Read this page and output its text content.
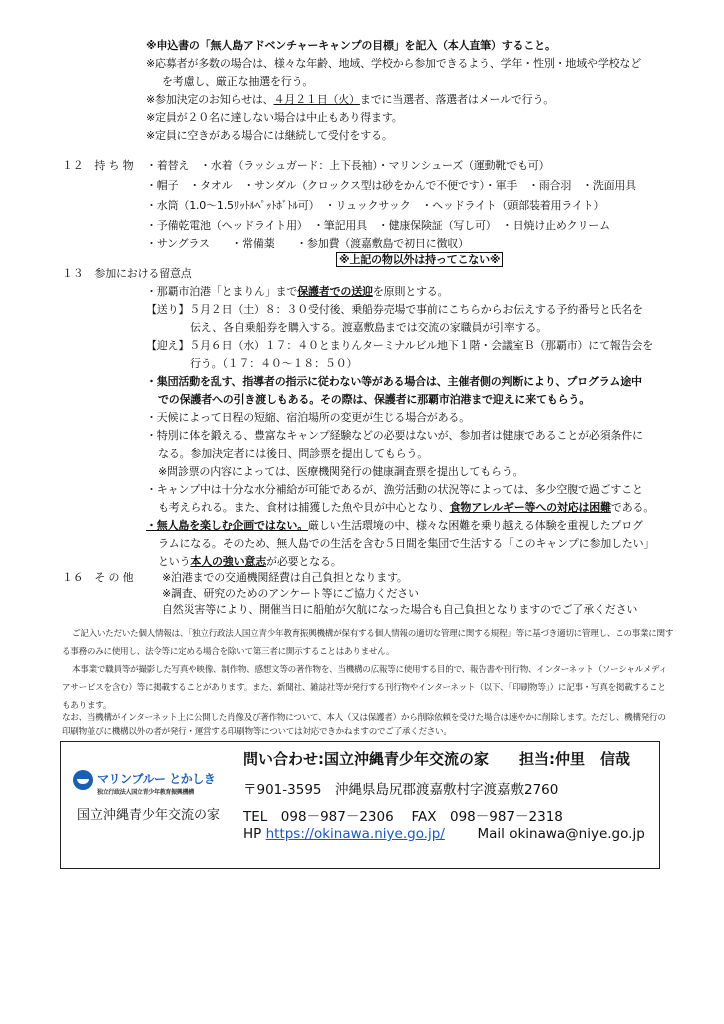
※申込書の「無人島アドベンチャーキャンプの目標」を記入（本人直筆）すること。
※応募者が多数の場合は、様々な年齢、地域、学校から参加できるよう、学年・性別・地域や学校など
を考慮し、厳正な抽選を行う。
※参加決定のお知らせは、４月２１日（火）までに当選者、落選者はメールで行う。
※定員が２０名に達しない場合は中止もあり得ます。
※定員に空きがある場合には継続して受付をする。
１２　持 ち 物 ・着替え　・水着（ラッシュガード：上下長袖）・マリンシューズ（運動靴でも可）
・帽子　・タオル　・サンダル（クロックス型は砂をかんで不便です）・軍手　・雨合羽　・洗面用具
・水筒（1.0〜1.5ﾘｯﾄﾙﾍﾟｯﾄﾎﾞﾄﾙ可）　・リュックサック　・ヘッドライト（頭部装着用ライト）
・予備乾電池（ヘッドライト用）　・筆記用具　・健康保険証（写し可）　・日焼け止めクリーム
・サングラス　　・常備薬　　・参加費（渡嘉敷島で初日に徴収）
※上記の物以外は持ってこない※
１３　参加における留意点
・那覇市泊港「とまりん」まで保護者での送迎を原則とする。
【送り】５月２日（土）８：３０受付後、乗船券売場で事前にこちらからお伝えする予約番号と氏名を
伝え、各自乗船券を購入する。渡嘉敷島までは交流の家職員が引率する。
【迎え】５月６日（水）１７：４０とまりんターミナルビル地下１階・会議室Ｂ（那覇市）にて報告会を
行う。（１７：４０〜１８：５０）
・集団活動を乱す、指導者の指示に従わない等がある場合は、主催者側の判断により、プログラム途中
での保護者への引き渡しもある。その際は、保護者に那覇市泊港まで迎えに来てもらう。
・天候によって日程の短縮、宿泊場所の変更が生じる場合がある。
・特別に体を鍛える、豊富なキャンプ経験などの必要はないが、参加者は健康であることが必須条件に
なる。参加決定者には後日、問診票を提出してもらう。
※問診票の内容によっては、医療機関発行の健康調査票を提出してもらう。
・キャンプ中は十分な水分補給が可能であるが、漁労活動の状況等によっては、多少空腹で過ごすこと
も考えられる。また、食材は捕獲した魚や貝が中心となり、食物アレルギー等への対応は困難である。
・無人島を楽しむ企画ではない。厳しい生活環境の中、様々な困難を乗り越える体験を重視したプログ
ラムになる。そのため、無人島での生活を含む５日間を集団で生活する「このキャンプに参加したい」
という本人の強い意志が必要となる。
１６　そ の 他	※泊港までの交通機関経費は自己負担となります。
※調査、研究のためのアンケート等にご協力ください
自然災害等により、開催当日に船舶が欠航になった場合も自己負担となりますのでご了承ください
ご記入いただいた個人情報は、「独立行政法人国立青少年教育振興機構が保有する個人情報の適切な管理に関する規程」等に基づき適切に管理し、この事業に関す
る事務のみに使用し、法令等に定める場合を除いて第三者に開示することはありません。
本事業で職員等が撮影した写真や映像、制作物、感想文等の著作物を、当機構の広報等に使用する目的で、報告書や刊行物、インターネット（ソーシャルメディ
アサービスを含む）等に掲載することがあります。また、新聞社、雑誌社等が発行する刊行物やインターネット（以下、「印刷物等」）に記事・写真を掲載すること
もあります。
なお、当機構がインターネット上に公開した肖像及び著作物について、本人（又は保護者）から削除依頼を受けた場合は速やかに削除します。ただし、機構発行の
印刷物並びに機構以外の者が発行・運営する印刷物等については対応できかねますのでご了承ください。
マリンブルー とかしき
独立行政法人国立青少年教育振興機構
国立沖縄青少年交流の家
問い合わせ:国立沖縄青少年交流の家　　担当:仲里　信哉
〒901-3595　沖縄県島尻郡渡嘉敷村字渡嘉敷2760
TEL　098－987－2306　 FAX　098－987－2318
HP https://okinawa.niye.go.jp/ Mail okinawa@niye.go.jp
